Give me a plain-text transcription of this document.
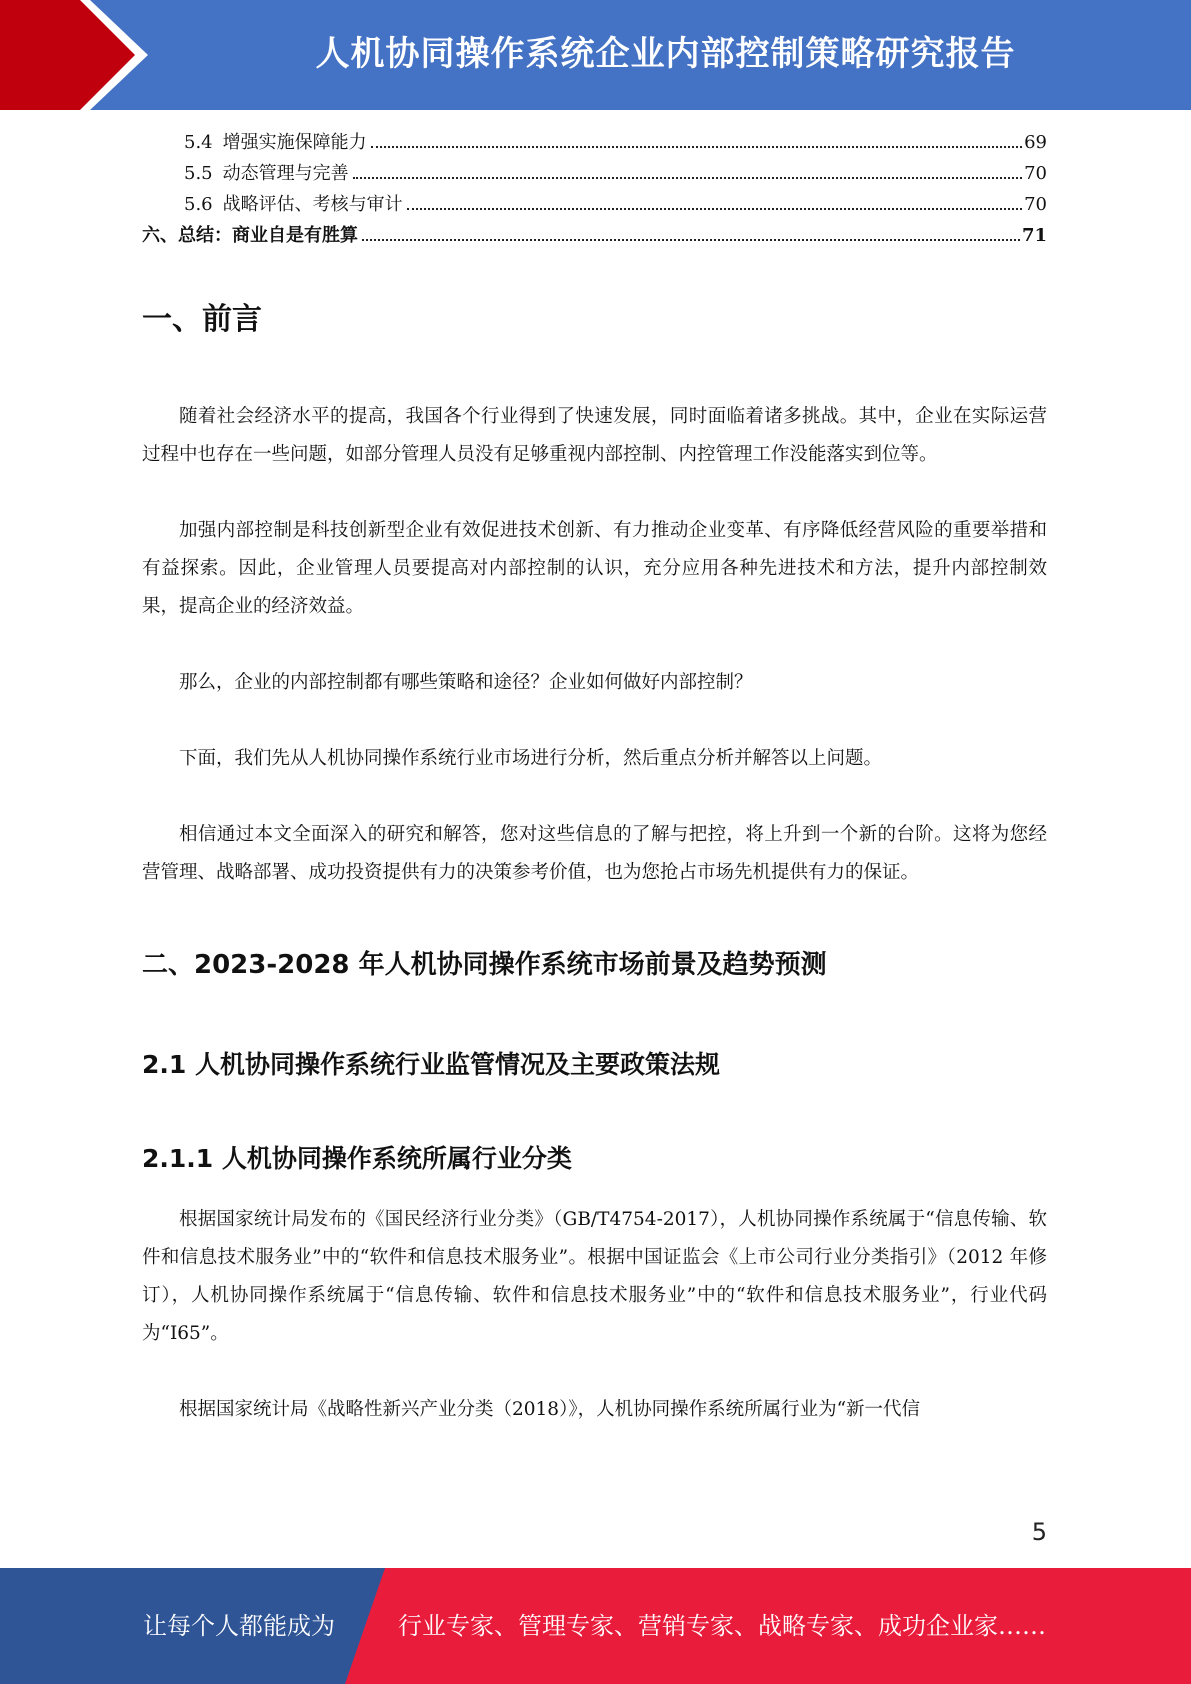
人机协同操作系统企业内部控制策略研究报告
5.4 增强实施保障能力	69
5.5 动态管理与完善	70
5.6 战略评估、考核与审计	70
六、总结：商业自是有胜算	71
一、前言

随着社会经济水平的提高，我国各个行业得到了快速发展，同时面临着诸多挑战。其中，企业在实际运营过程中也存在一些问题，如部分管理人员没有足够重视内部控制、内控管理工作没能落实到位等。

加强内部控制是科技创新型企业有效促进技术创新、有力推动企业变革、有序降低经营风险的重要举措和有益探索。因此，企业管理人员要提高对内部控制的认识，充分应用各种先进技术和方法，提升内部控制效果，提高企业的经济效益。

那么，企业的内部控制都有哪些策略和途径？企业如何做好内部控制？

下面，我们先从人机协同操作系统行业市场进行分析，然后重点分析并解答以上问题。

相信通过本文全面深入的研究和解答，您对这些信息的了解与把控，将上升到一个新的台阶。这将为您经营管理、战略部署、成功投资提供有力的决策参考价值，也为您抢占市场先机提供有力的保证。

二、2023-2028 年人机协同操作系统市场前景及趋势预测
2.1 人机协同操作系统行业监管情况及主要政策法规
2.1.1 人机协同操作系统所属行业分类

根据国家统计局发布的《国民经济行业分类》（GB/T4754-2017），人机协同操作系统属于“信息传输、软件和信息技术服务业”中的“软件和信息技术服务业”。根据中国证监会《上市公司行业分类指引》（2012 年修订），人机协同操作系统属于“信息传输、软件和信息技术服务业”中的“软件和信息技术服务业”，行业代码为“I65”。

根据国家统计局《战略性新兴产业分类（2018）》，人机协同操作系统所属行业为“新一代信

5
让每个人都能成为	行业专家、管理专家、营销专家、战略专家、成功企业家……
